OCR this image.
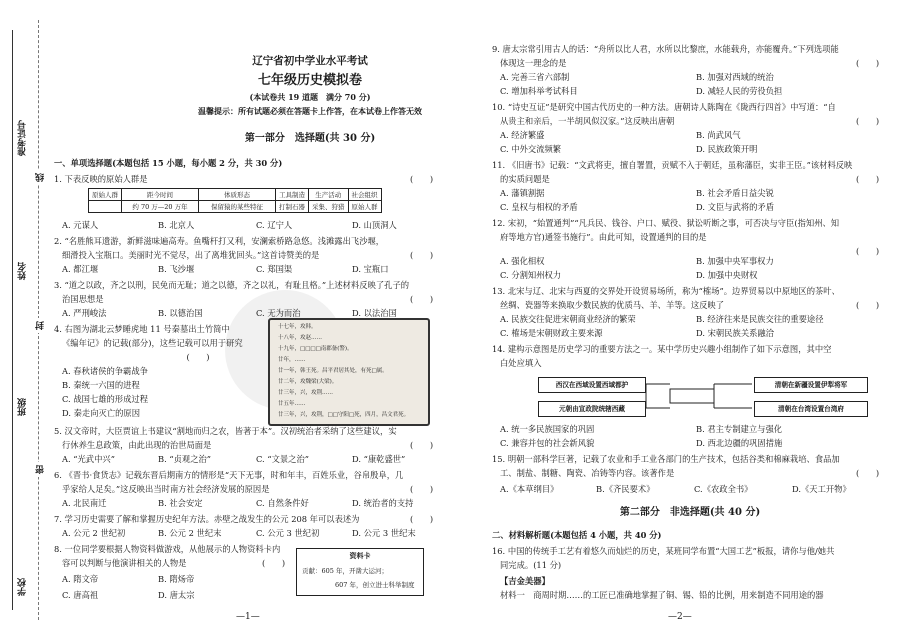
准考证号
姓名
班级
学校
线
封
密
辽宁省初中学业水平考试
七年级历史模拟卷
(本试卷共 19 道题　满分 70 分)
温馨提示：所有试题必须在答题卡上作答，在本试卷上作答无效
第一部分　选择题(共 30 分)
一、单项选择题(本题包括 15 小题，每小题 2 分，共 30 分)
1. 下表反映的原始人群是	(　　)
原始人群	距今时间	体质形态	工具制造	生产活动	社会组织
	约 70 万—20 万年	保留猿的某些特征	打制石器	采集、狩猎	原始人群
A. 元谋人	B. 北京人	C. 辽宁人	D. 山顶洞人
2. “名胜熊耳遗游，新鲜滋味遍高寿。鱼嘴杆打又利，安澜索桥路急悠。浅滩露出飞沙堰，
细滑投入宝瓶口。美丽时光不觉尽，出了离堆犹回头。”这首诗赞美的是	(　　)
A. 都江堰	B. 飞沙堰	C. 郑国渠	D. 宝瓶口
3. “道之以政，齐之以刑，民免而无耻；道之以德，齐之以礼，有耻且格。”上述材料反映了孔子的
治国思想是	(　　)
A. 严刑峻法	B. 以德治国	C. 无为而治	D. 以法治国
4. 右图为湖北云梦睡虎地 11 号秦墓出土竹简中
《编年记》的记载(部分)，这些记载可以用于研究
　　　　　　　　　　　　　　　(　　)
A. 春秋诸侯的争霸战争
B. 秦统一六国的进程
C. 战国七雄的形成过程
D. 秦走向灭亡的原因
十七年，攻韩。
十八年，攻赵……
十九年，□□□□南郡备(警)。
廿年，……
廿一年，韩王死。昌平君居其处，有死□属。
廿二年，攻魏梁(大梁)。
廿三年，兴，攻荆……
廿五年……
廿三年，兴，攻荆，□□守阳□死，四月，昌文君死。
5. 汉文帝时，大臣贾谊上书建议“割地而归之农，皆著于本”。汉初统治者采纳了这些建议，实
行休养生息政策，由此出现的治世局面是	(　　)
A. “光武中兴”	B. “贞观之治”	C. “文景之治”	D. “康乾盛世”
6. 《晋书·食货志》记载东晋后期南方的情形是“天下无事，时和年丰，百姓乐业，谷帛殷阜，几
乎家给人足矣。”这反映出当时南方社会经济发展的原因是	(　　)
A. 北民南迁	B. 社会安定	C. 自然条件好	D. 统治者的支持
7. 学习历史需要了解和掌握历史纪年方法。赤壁之战发生的公元 208 年可以表述为	(　　)
A. 公元 2 世纪初	B. 公元 2 世纪末	C. 公元 3 世纪初	D. 公元 3 世纪末
8. 一位同学要根据人物资料做游戏，从他展示的人物资料卡内
容可以判断与他演讲相关的人物是	(　　)
A. 隋文帝	B. 隋炀帝
C. 唐高祖	D. 唐太宗
资料卡
贡献：605 年，开凿大运河；
607 年，创立进士科举制度
—1—
9. 唐太宗常引用古人的话：“舟所以比人君，水所以比黎庶，水能载舟，亦能覆舟。”下列选项能
体现这一理念的是	(　　)
A. 完善三省六部制	B. 加强对西域的统治
C. 增加科举考试科目	D. 减轻人民的劳役负担
10. “诗史互证”是研究中国古代历史的一种方法。唐朝诗人陈陶在《陇西行四首》中写道：“自
从贵主和亲后，一半胡风似汉家。”这反映出唐朝	(　　)
A. 经济繁盛	B. 尚武风气
C. 中外交流频繁	D. 民族政策开明
11. 《旧唐书》记载：“文武将吏，擅自署置，贡赋不入于朝廷，虽称藩臣，实非王臣。”该材料反映
的实质问题是	(　　)
A. 藩镇割据	B. 社会矛盾日益尖锐
C. 皇权与相权的矛盾	D. 文臣与武将的矛盾
12. 宋初，“始置通判”“凡兵民、钱谷、户口、赋役、狱讼听断之事，可否决与守臣(指知州、知
府等地方官)通签书施行”。由此可知，设置通判的目的是
(　　)
A. 强化相权	B. 加强中央军事权力
C. 分割知州权力	D. 加强中央财权
13. 北宋与辽、北宋与西夏的交界处开设贸易场所，称为“榷场”。边界贸易以中原地区的茶叶、
丝绸、瓷器等来换取少数民族的优质马、羊、羊等。这反映了	(　　)
A. 民族交往促进宋朝商业经济的繁荣	B. 经济往来是民族交往的重要途径
C. 榷场是宋朝财政主要来源	D. 宋朝民族关系融洽
14. 建构示意图是历史学习的重要方法之一。某中学历史兴趣小组制作了如下示意图，其中空
白处应填入
西汉在西域设置西域都护
元朝由宣政院统辖西藏
清朝在新疆设置伊犁将军
清朝在台湾设置台湾府
A. 统一多民族国家的巩固	B. 君主专制建立与强化
C. 兼容并包的社会新风貌	D. 西北边疆的巩固措施
15. 明朝一部科学巨著，记载了农业和手工业各部门的生产技术，包括谷类和棉麻栽培、食品加
工、制盐、制糖、陶瓷、冶铸等内容。该著作是	(　　)
A.《本草纲目》	B.《齐民要术》	C.《农政全书》	D.《天工开物》
第二部分　非选择题(共 40 分)
二、材料解析题(本题包括 4 小题，共 40 分)
16. 中国的传统手工艺有着悠久而灿烂的历史，某班同学布置“大国工艺”板报，请你与他/她共
同完成。(11 分)
【吉金美器】
材料一　商周时期……的工匠已准确地掌握了铜、锡、铅的比例，用来制造不同用途的器
—2—
